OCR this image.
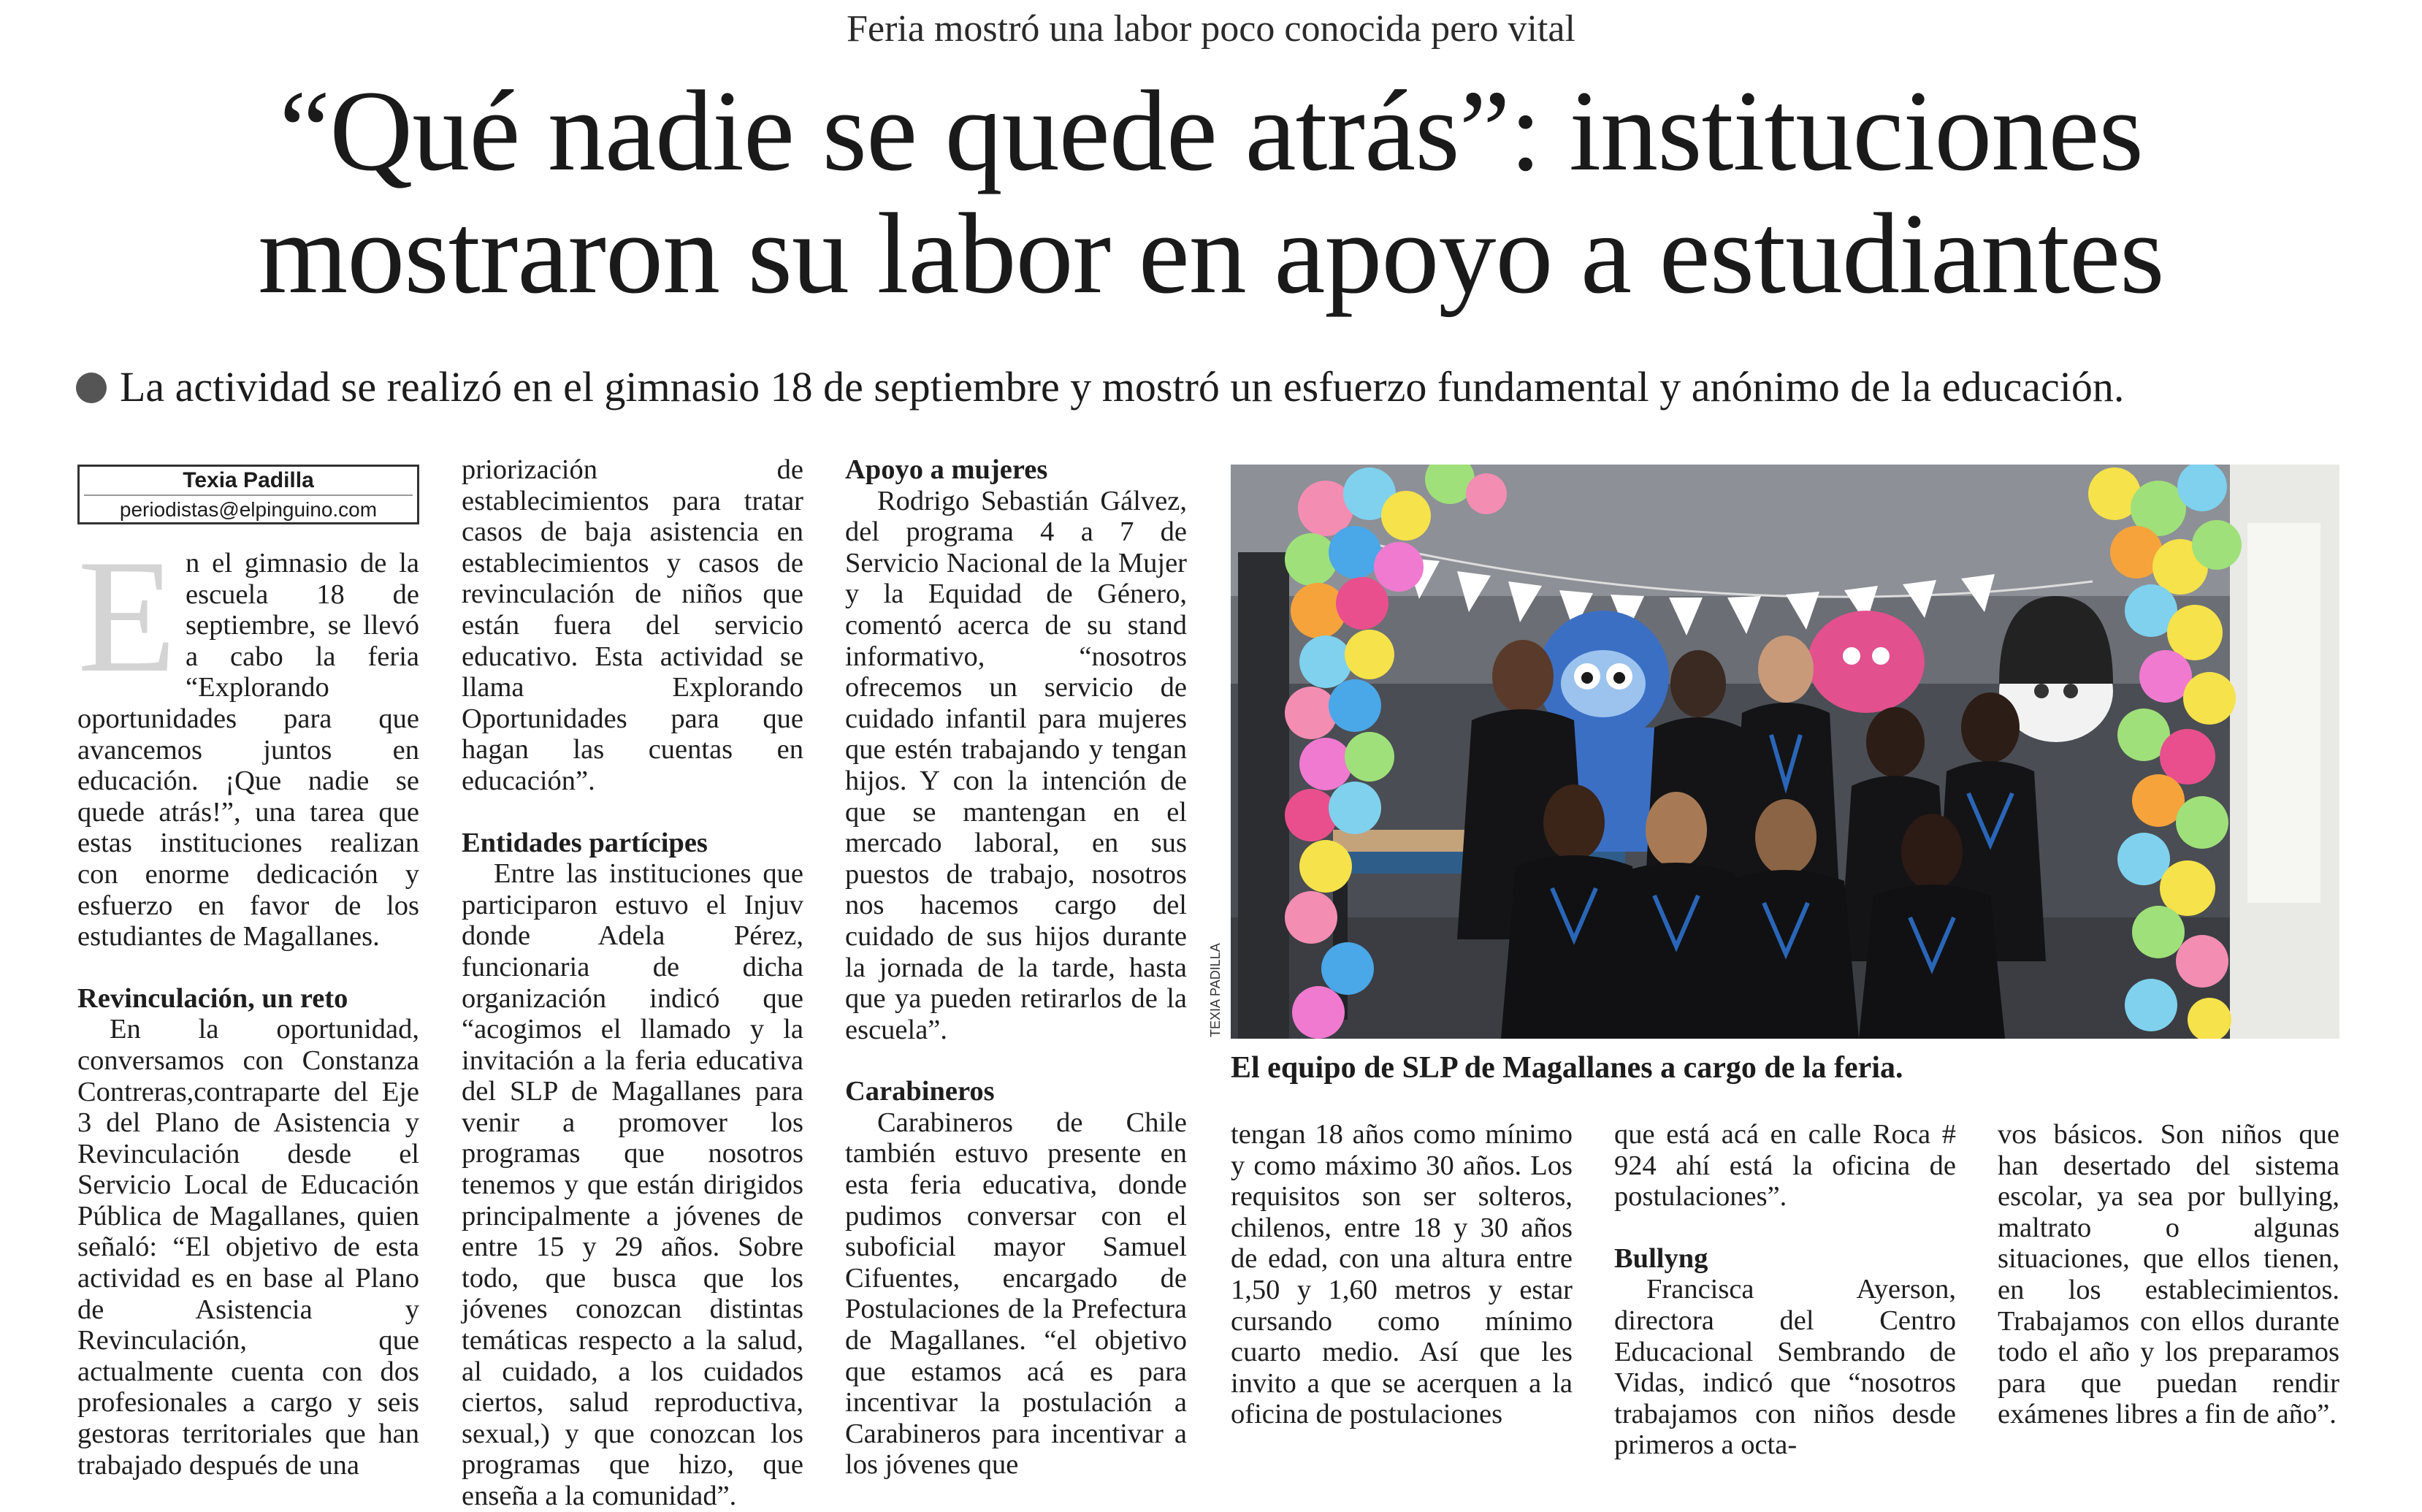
Feria mostró una labor poco conocida pero vital
“Qué nadie se quede atrás”: instituciones
mostraron su labor en apoyo a estudiantes
La actividad se realizó en el gimnasio 18 de septiembre y mostró un esfuerzo fundamental y anónimo de la educación.
Texia Padilla
periodistas@elpinguino.com
E n el gimnasio de la escuela 18 de septiembre, se llevó a cabo la feria “Explorando oportunidades para que avancemos juntos en educación. ¡Que nadie se quede atrás!”, una tarea que estas instituciones realizan con enorme dedicación y esfuerzo en favor de los estudiantes de Magallanes.

Revinculación, un reto

En la oportunidad, conversamos con Constanza Contreras,contraparte del Eje 3 del Plano de Asistencia y Revinculación desde el Servicio Local de Educación Pública de Magallanes, quien señaló: “El objetivo de esta actividad es en base al Plano de Asistencia y Revinculación, que actualmente cuenta con dos profesionales a cargo y seis gestoras territoriales que han trabajado después de una

priorización de establecimientos para tratar casos de baja asistencia en establecimientos y casos de revinculación de niños que están fuera del servicio educativo. Esta actividad se llama Explorando Oportunidades para que hagan las cuentas en educación”.

Entidades partícipes

Entre las instituciones que participaron estuvo el Injuv donde Adela Pérez, funcionaria de dicha organización indicó que “acogimos el llamado y la invitación a la feria educativa del SLP de Magallanes para venir a promover los programas que nosotros tenemos y que están dirigidos principalmente a jóvenes de entre 15 y 29 años. Sobre todo, que busca que los jóvenes conozcan distintas temáticas respecto a la salud, al cuidado, a los cuidados ciertos, salud reproductiva, sexual,) y que conozcan los programas que hizo, que enseña a la comunidad”.

Apoyo a mujeres

Rodrigo Sebastián Gálvez, del programa 4 a 7 de Servicio Nacional de la Mujer y la Equidad de Género, comentó acerca de su stand informativo, “nosotros ofrecemos un servicio de cuidado infantil para mujeres que estén trabajando y tengan hijos. Y con la intención de que se mantengan en el mercado laboral, en sus puestos de trabajo, nosotros nos hacemos cargo del cuidado de sus hijos durante la jornada de la tarde, hasta que ya pueden retirarlos de la escuela”.

Carabineros

Carabineros de Chile también estuvo presente en esta feria educativa, donde pudimos conversar con el suboficial mayor Samuel Cifuentes, encargado de Postulaciones de la Prefectura de Magallanes. “el objetivo que estamos acá es para incentivar la postulación a Carabineros para incentivar a los jóvenes que

TEXIA PADILLA
El equipo de SLP de Magallanes a cargo de la feria.

tengan 18 años como mínimo y como máximo 30 años. Los requisitos son ser solteros, chilenos, entre 18 y 30 años de edad, con una altura entre 1,50 y 1,60 metros y estar cursando como mínimo cuarto medio. Así que les invito a que se acerquen a la oficina de postulaciones

que está acá en calle Roca # 924 ahí está la oficina de postulaciones”.

Bullyng

Francisca Ayerson, directora del Centro Educacional Sembrando de Vidas, indicó que “nosotros trabajamos con niños desde primeros a octa-

vos básicos. Son niños que han desertado del sistema escolar, ya sea por bullying, maltrato o algunas situaciones, que ellos tienen, en los establecimientos. Trabajamos con ellos durante todo el año y los preparamos para que puedan rendir exámenes libres a fin de año”.
